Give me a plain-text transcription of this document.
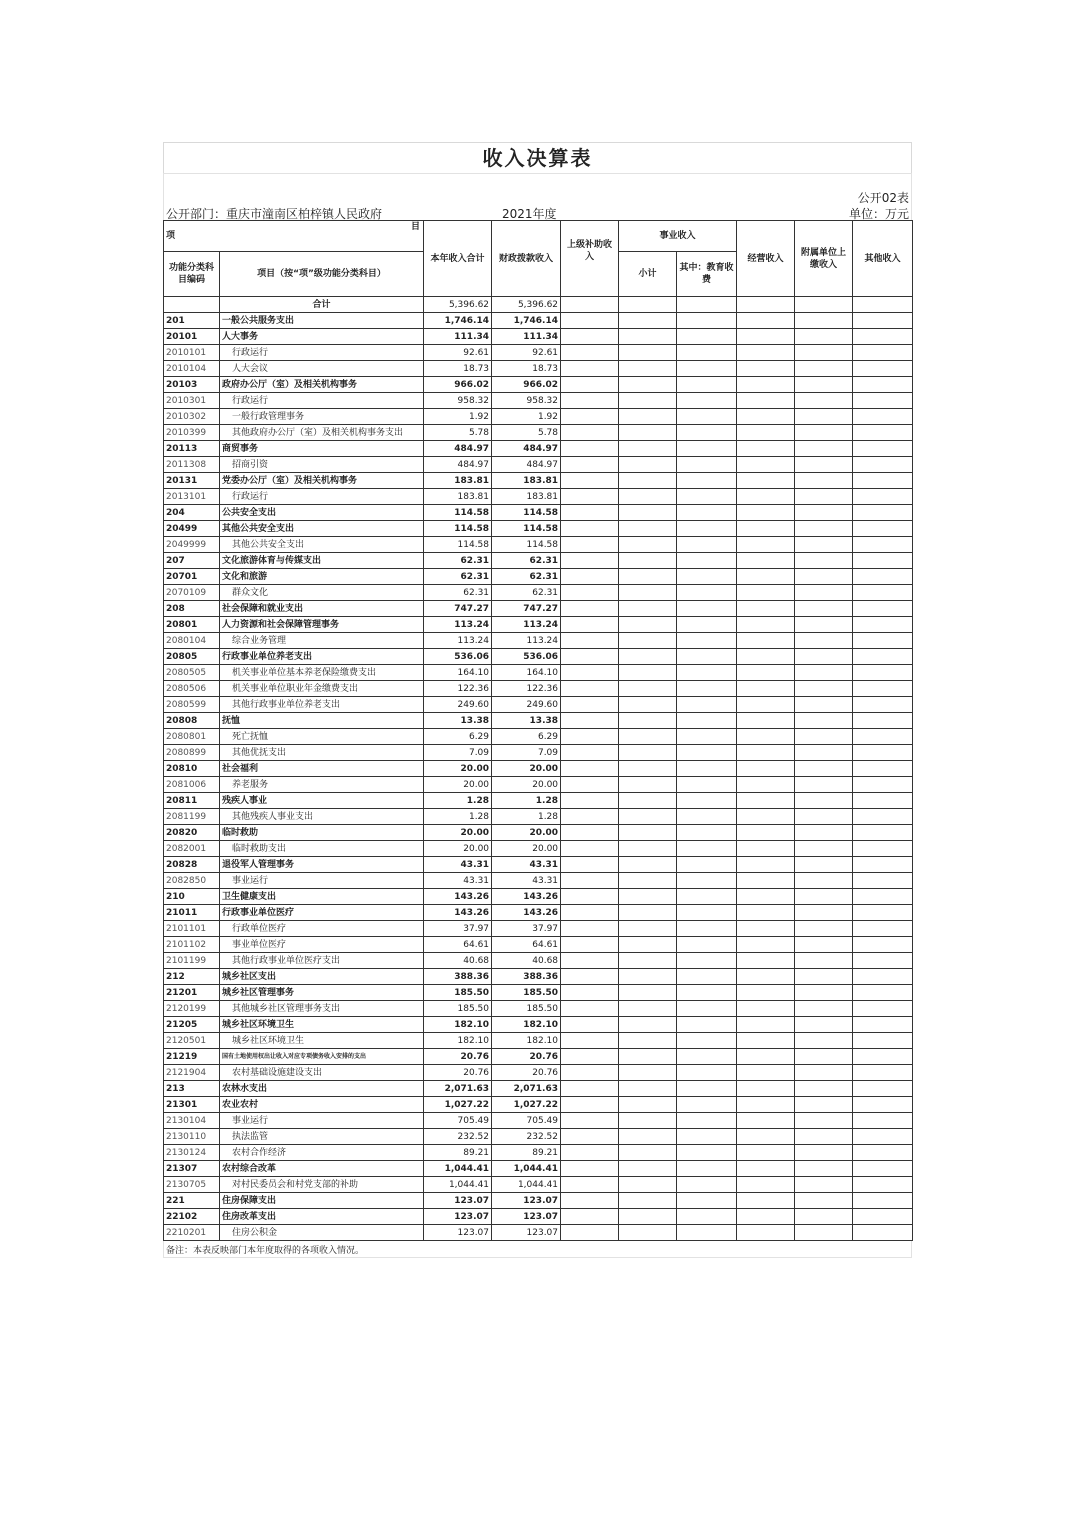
收入决算表
公开02表
公开部门：重庆市潼南区柏梓镇人民政府	2021年度	单位：万元
项
目		本年收入合计	财政拨款收入	上级补助收入	事业收入		经营收入	附属单位上缴收入	其他收入
功能分类科目编码	项目（按“项”级功能分类科目）				小计	其中：教育收费			

	合计	5,396.62	5,396.62						
201	一般公共服务支出	1,746.14	1,746.14						
20101	人大事务	111.34	111.34						
2010101	行政运行	92.61	92.61						
2010104	人大会议	18.73	18.73						
20103	政府办公厅（室）及相关机构事务	966.02	966.02						
2010301	行政运行	958.32	958.32						
2010302	一般行政管理事务	1.92	1.92						
2010399	其他政府办公厅（室）及相关机构事务支出	5.78	5.78						
20113	商贸事务	484.97	484.97						
2011308	招商引资	484.97	484.97						
20131	党委办公厅（室）及相关机构事务	183.81	183.81						
2013101	行政运行	183.81	183.81						
204	公共安全支出	114.58	114.58						
20499	其他公共安全支出	114.58	114.58						
2049999	其他公共安全支出	114.58	114.58						
207	文化旅游体育与传媒支出	62.31	62.31						
20701	文化和旅游	62.31	62.31						
2070109	群众文化	62.31	62.31						
208	社会保障和就业支出	747.27	747.27						
20801	人力资源和社会保障管理事务	113.24	113.24						
2080104	综合业务管理	113.24	113.24						
20805	行政事业单位养老支出	536.06	536.06						
2080505	机关事业单位基本养老保险缴费支出	164.10	164.10						
2080506	机关事业单位职业年金缴费支出	122.36	122.36						
2080599	其他行政事业单位养老支出	249.60	249.60						
20808	抚恤	13.38	13.38						
2080801	死亡抚恤	6.29	6.29						
2080899	其他优抚支出	7.09	7.09						
20810	社会福利	20.00	20.00						
2081006	养老服务	20.00	20.00						
20811	残疾人事业	1.28	1.28						
2081199	其他残疾人事业支出	1.28	1.28						
20820	临时救助	20.00	20.00						
2082001	临时救助支出	20.00	20.00						
20828	退役军人管理事务	43.31	43.31						
2082850	事业运行	43.31	43.31						
210	卫生健康支出	143.26	143.26						
21011	行政事业单位医疗	143.26	143.26						
2101101	行政单位医疗	37.97	37.97						
2101102	事业单位医疗	64.61	64.61						
2101199	其他行政事业单位医疗支出	40.68	40.68						
212	城乡社区支出	388.36	388.36						
21201	城乡社区管理事务	185.50	185.50						
2120199	其他城乡社区管理事务支出	185.50	185.50						
21205	城乡社区环境卫生	182.10	182.10						
2120501	城乡社区环境卫生	182.10	182.10						
21219	国有土地使用权出让收入对应专项债务收入安排的支出	20.76	20.76						
2121904	农村基础设施建设支出	20.76	20.76						
213	农林水支出	2,071.63	2,071.63						
21301	农业农村	1,027.22	1,027.22						
2130104	事业运行	705.49	705.49						
2130110	执法监管	232.52	232.52						
2130124	农村合作经济	89.21	89.21						
21307	农村综合改革	1,044.41	1,044.41						
2130705	对村民委员会和村党支部的补助	1,044.41	1,044.41						
221	住房保障支出	123.07	123.07						
22102	住房改革支出	123.07	123.07						
2210201	住房公积金	123.07	123.07						
备注：本表反映部门本年度取得的各项收入情况。
